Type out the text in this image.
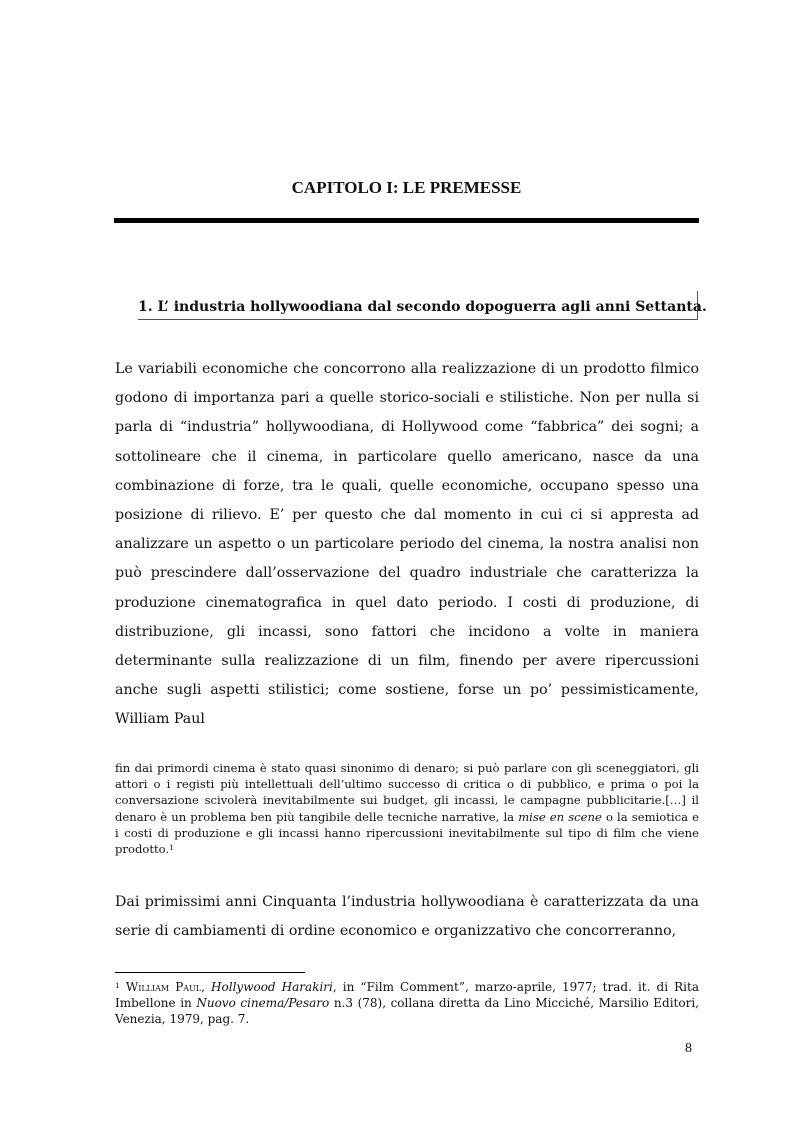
CAPITOLO I: LE PREMESSE
1. L’ industria hollywoodiana dal secondo dopoguerra agli anni Settanta.

Le variabili economiche che concorrono alla realizzazione di un prodotto filmico godono di importanza pari a quelle storico-sociali e stilistiche. Non per nulla si parla di “industria” hollywoodiana, di Hollywood come “fabbrica” dei sogni; a sottolineare che il cinema, in particolare quello americano, nasce da una combinazione di forze, tra le quali, quelle economiche, occupano spesso una posizione di rilievo. E’ per questo che dal momento in cui ci si appresta ad analizzare un aspetto o un particolare periodo del cinema, la nostra analisi non può prescindere dall’osservazione del quadro industriale che caratterizza la produzione cinematografica in quel dato periodo. I costi di produzione, di distribuzione, gli incassi, sono fattori che incidono a volte in maniera determinante sulla realizzazione di un film, finendo per avere ripercussioni anche sugli aspetti stilistici; come sostiene, forse un po’ pessimisticamente, William Paul

fin dai primordi cinema è stato quasi sinonimo di denaro; si può parlare con gli sceneggiatori, gli attori o i registi più intellettuali dell’ultimo successo di critica o di pubblico, e prima o poi la conversazione scivolerà inevitabilmente sui budget, gli incassi, le campagne pubblicitarie.[…] il denaro è un problema ben più tangibile delle tecniche narrative, la mise en scene o la semiotica e i costi di produzione e gli incassi hanno ripercussioni inevitabilmente sul tipo di film che viene prodotto.$^1$

Dai primissimi anni Cinquanta l’industria hollywoodiana è caratterizzata da una serie di cambiamenti di ordine economico e organizzativo che concorreranno,

$^1$ William Paul, Hollywood Harakiri, in “Film Comment”, marzo-aprile, 1977; trad. it. di Rita Imbellone in Nuovo cinema/Pesaro n.3 (78), collana diretta da Lino Micciché, Marsilio Editori, Venezia, 1979, pag. 7.

8
